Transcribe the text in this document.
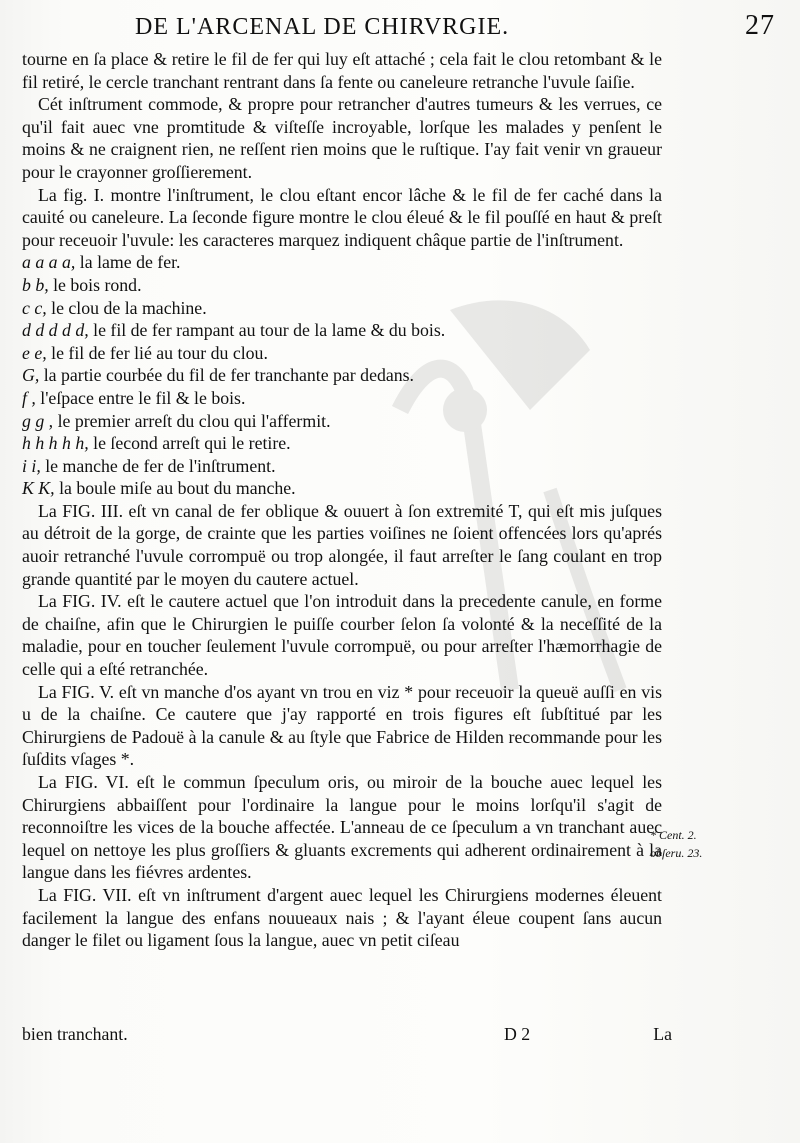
DE L'ARCENAL DE CHIRVRGIE.	27

tourne en ſa place & retire le fil de fer qui luy eſt attaché ; cela fait le clou retombant & le fil retiré, le cercle tranchant rentrant dans ſa fente ou caneleure retranche l'uvule ſaiſie.

Cét inſtrument commode, & propre pour retrancher d'autres tumeurs & les verrues, ce qu'il fait auec vne promtitude & viſteſſe incroyable, lorſque les malades y penſent le moins & ne craignent rien, ne reſſent rien moins que le ruſtique. I'ay fait venir vn graueur pour le crayonner groſſierement.

La fig. I. montre l'inſtrument, le clou eſtant encor lâche & le fil de fer caché dans la cauité ou caneleure. La ſeconde figure montre le clou éleué & le fil pouſſé en haut & preſt pour receuoir l'uvule: les caracteres marquez indiquent châque partie de l'inſtrument.

a a a a, la lame de fer.
b b, le bois rond.
c c, le clou de la machine.
d d d d d, le fil de fer rampant au tour de la lame & du bois.
e e, le fil de fer lié au tour du clou.
G, la partie courbée du fil de fer tranchante par dedans.
f , l'eſpace entre le fil & le bois.
g g , le premier arreſt du clou qui l'affermit.
h h h h h, le ſecond arreſt qui le retire.
i i, le manche de fer de l'inſtrument.
K K, la boule miſe au bout du manche.

La FIG. III. eſt vn canal de fer oblique & ouuert à ſon extremité T, qui eſt mis juſques au détroit de la gorge, de crainte que les parties voiſines ne ſoient offencées lors qu'aprés auoir retranché l'uvule corrompuë ou trop alongée, il faut arreſter le ſang coulant en trop grande quantité par le moyen du cautere actuel.

La FIG. IV. eſt le cautere actuel que l'on introduit dans la precedente canule, en forme de chaiſne, afin que le Chirurgien le puiſſe courber ſelon ſa volonté & la neceſſité de la maladie, pour en toucher ſeulement l'uvule corrompuë, ou pour arreſter l'hæmorrhagie de celle qui a eſté retranchée.

La FIG. V. eſt vn manche d'os ayant vn trou en viz * pour receuoir la queuë auſſi en vis u de la chaiſne. Ce cautere que j'ay rapporté en trois figures eſt ſubſtitué par les Chirurgiens de Padouë à la canule & au ſtyle que Fabrice de Hilden recommande pour les ſuſdits vſages *.

La FIG. VI. eſt le commun ſpeculum oris, ou miroir de la bouche auec lequel les Chirurgiens abbaiſſent pour l'ordinaire la langue pour le moins lorſqu'il s'agit de reconnoiſtre les vices de la bouche affectée. L'anneau de ce ſpeculum a vn tranchant auec lequel on nettoye les plus groſſiers & gluants excrements qui adherent ordinairement à la langue dans les fiévres ardentes.

La FIG. VII. eſt vn inſtrument d'argent auec lequel les Chirurgiens modernes éleuent facilement la langue des enfans nouueaux nais ; & l'ayant éleue coupent ſans aucun danger le filet ou ligament ſous la langue, auec vn petit ciſeau

* Cent. 2.
obſeru. 23.
bien tranchant.	D 2	La
